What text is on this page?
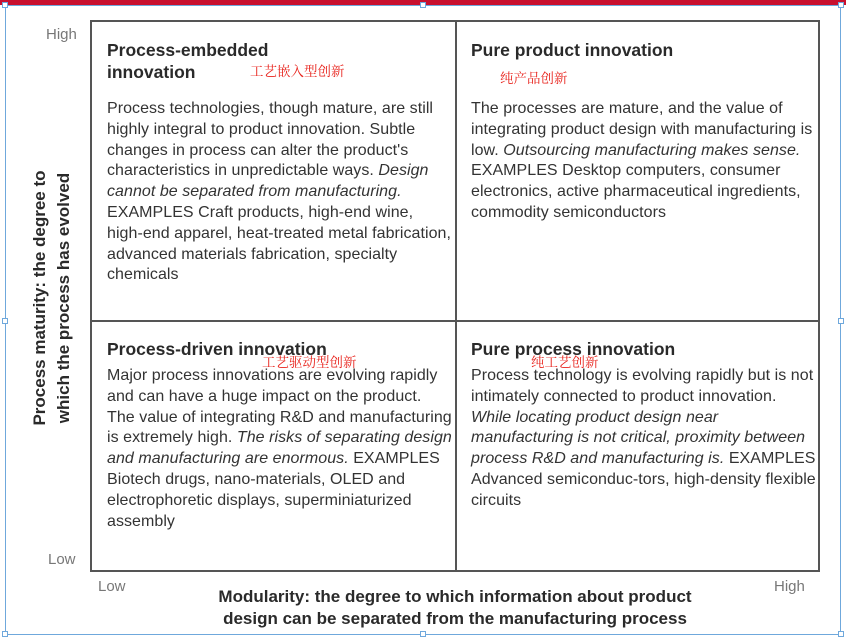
High
Low
Low	High
Process maturity: the degree to which the process has evolved
Modularity: the degree to which information about product
design can be separated from the manufacturing process
Process-embedded
innovation
Process technologies, though mature, are still highly integral to product innovation. Subtle changes in process can alter the product's characteristics in unpredictable ways. Design cannot be separated from manufacturing. EXAMPLES Craft products, high-end wine, high-end apparel, heat-treated metal fabrication, advanced materials fabrication, specialty chemicals
工艺嵌入型创新
Pure product innovation
The processes are mature, and the value of integrating product design with manufacturing is low. Outsourcing manufacturing makes sense. EXAMPLES Desktop computers, consumer electronics, active pharmaceutical ingredients, commodity semiconductors
纯产品创新
Process-driven innovation
Major process innovations are evolving rapidly and can have a huge impact on the product. The value of integrating R&D and manufacturing is extremely high. The risks of separating design and manufacturing are enormous. EXAMPLES Biotech drugs, nano-materials, OLED and electrophoretic displays, superminiaturized assembly
工艺驱动型创新
Pure process innovation
Process technology is evolving rapidly but is not intimately connected to product innovation. While locating product design near manufacturing is not critical, proximity between process R&D and manufacturing is. EXAMPLES Advanced semiconduc-tors, high-density flexible circuits
纯工艺创新
